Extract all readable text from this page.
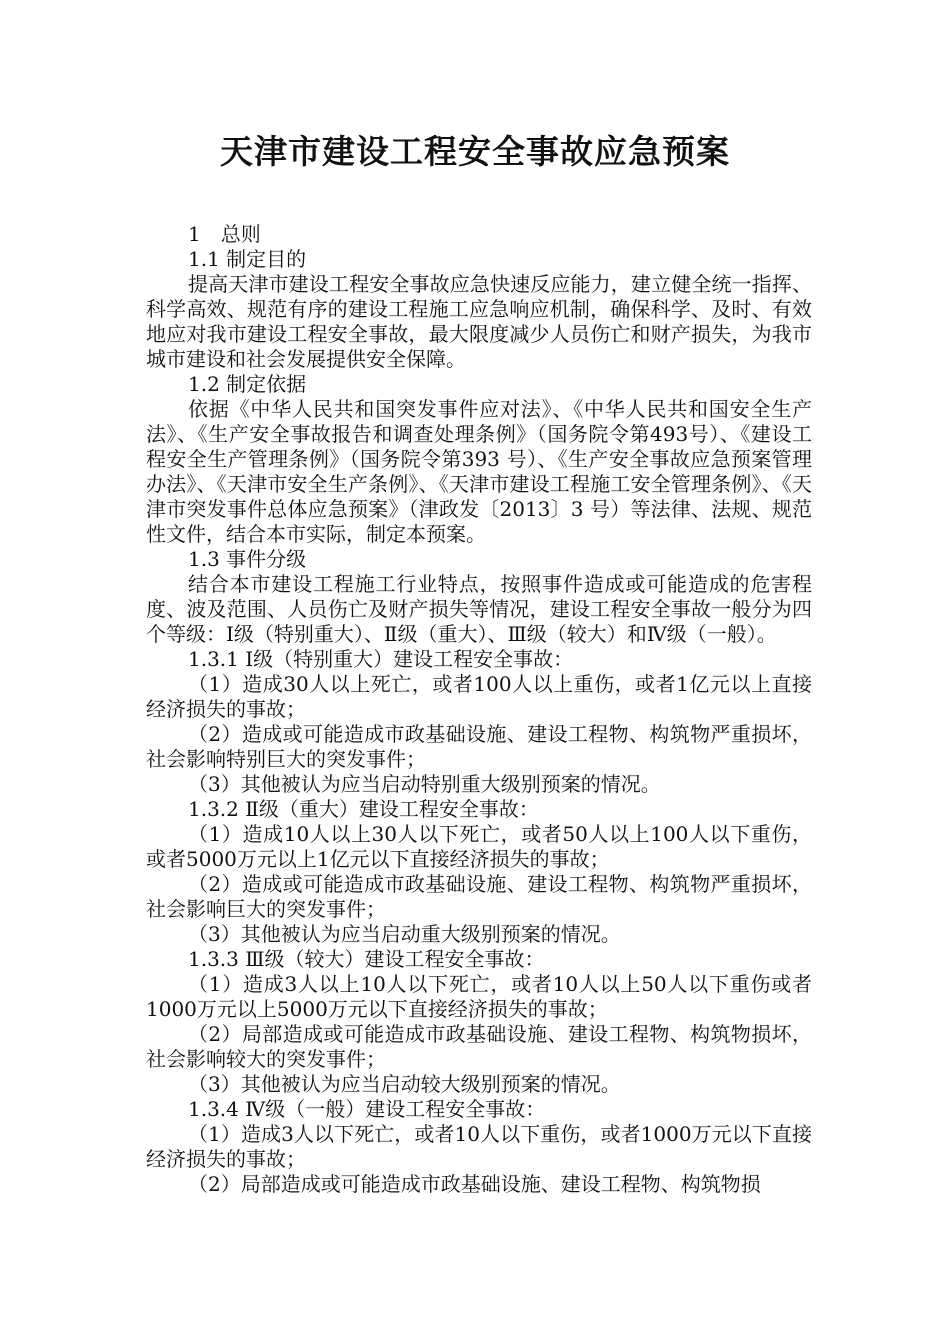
天津市建设工程安全事故应急预案

1　总则

1.1 制定目的

提高天津市建设工程安全事故应急快速反应能力，建立健全统一指挥、科学高效、规范有序的建设工程施工应急响应机制，确保科学、及时、有效地应对我市建设工程安全事故，最大限度减少人员伤亡和财产损失，为我市城市建设和社会发展提供安全保障。

1.2 制定依据

依据《中华人民共和国突发事件应对法》、《中华人民共和国安全生产法》、《生产安全事故报告和调查处理条例》（国务院令第493号）、《建设工程安全生产管理条例》（国务院令第393 号）、《生产安全事故应急预案管理办法》、《天津市安全生产条例》、《天津市建设工程施工安全管理条例》、《天津市突发事件总体应急预案》（津政发〔2013〕3 号）等法律、法规、规范性文件，结合本市实际，制定本预案。

1.3 事件分级

结合本市建设工程施工行业特点，按照事件造成或可能造成的危害程度、波及范围、人员伤亡及财产损失等情况，建设工程安全事故一般分为四个等级：Ⅰ级（特别重大）、Ⅱ级（重大）、Ⅲ级（较大）和Ⅳ级（一般）。

1.3.1 Ⅰ级（特别重大）建设工程安全事故：

（1）造成30人以上死亡，或者100人以上重伤，或者1亿元以上直接经济损失的事故；

（2）造成或可能造成市政基础设施、建设工程物、构筑物严重损坏，社会影响特别巨大的突发事件；

（3）其他被认为应当启动特别重大级别预案的情况。

1.3.2 Ⅱ级（重大）建设工程安全事故：

（1）造成10人以上30人以下死亡，或者50人以上100人以下重伤，或者5000万元以上1亿元以下直接经济损失的事故；

（2）造成或可能造成市政基础设施、建设工程物、构筑物严重损坏，社会影响巨大的突发事件；

（3）其他被认为应当启动重大级别预案的情况。

1.3.3 Ⅲ级（较大）建设工程安全事故：

（1）造成3人以上10人以下死亡，或者10人以上50人以下重伤或者1000万元以上5000万元以下直接经济损失的事故；

（2）局部造成或可能造成市政基础设施、建设工程物、构筑物损坏，社会影响较大的突发事件；

（3）其他被认为应当启动较大级别预案的情况。

1.3.4 Ⅳ级（一般）建设工程安全事故：

（1）造成3人以下死亡，或者10人以下重伤，或者1000万元以下直接经济损失的事故；

（2）局部造成或可能造成市政基础设施、建设工程物、构筑物损
